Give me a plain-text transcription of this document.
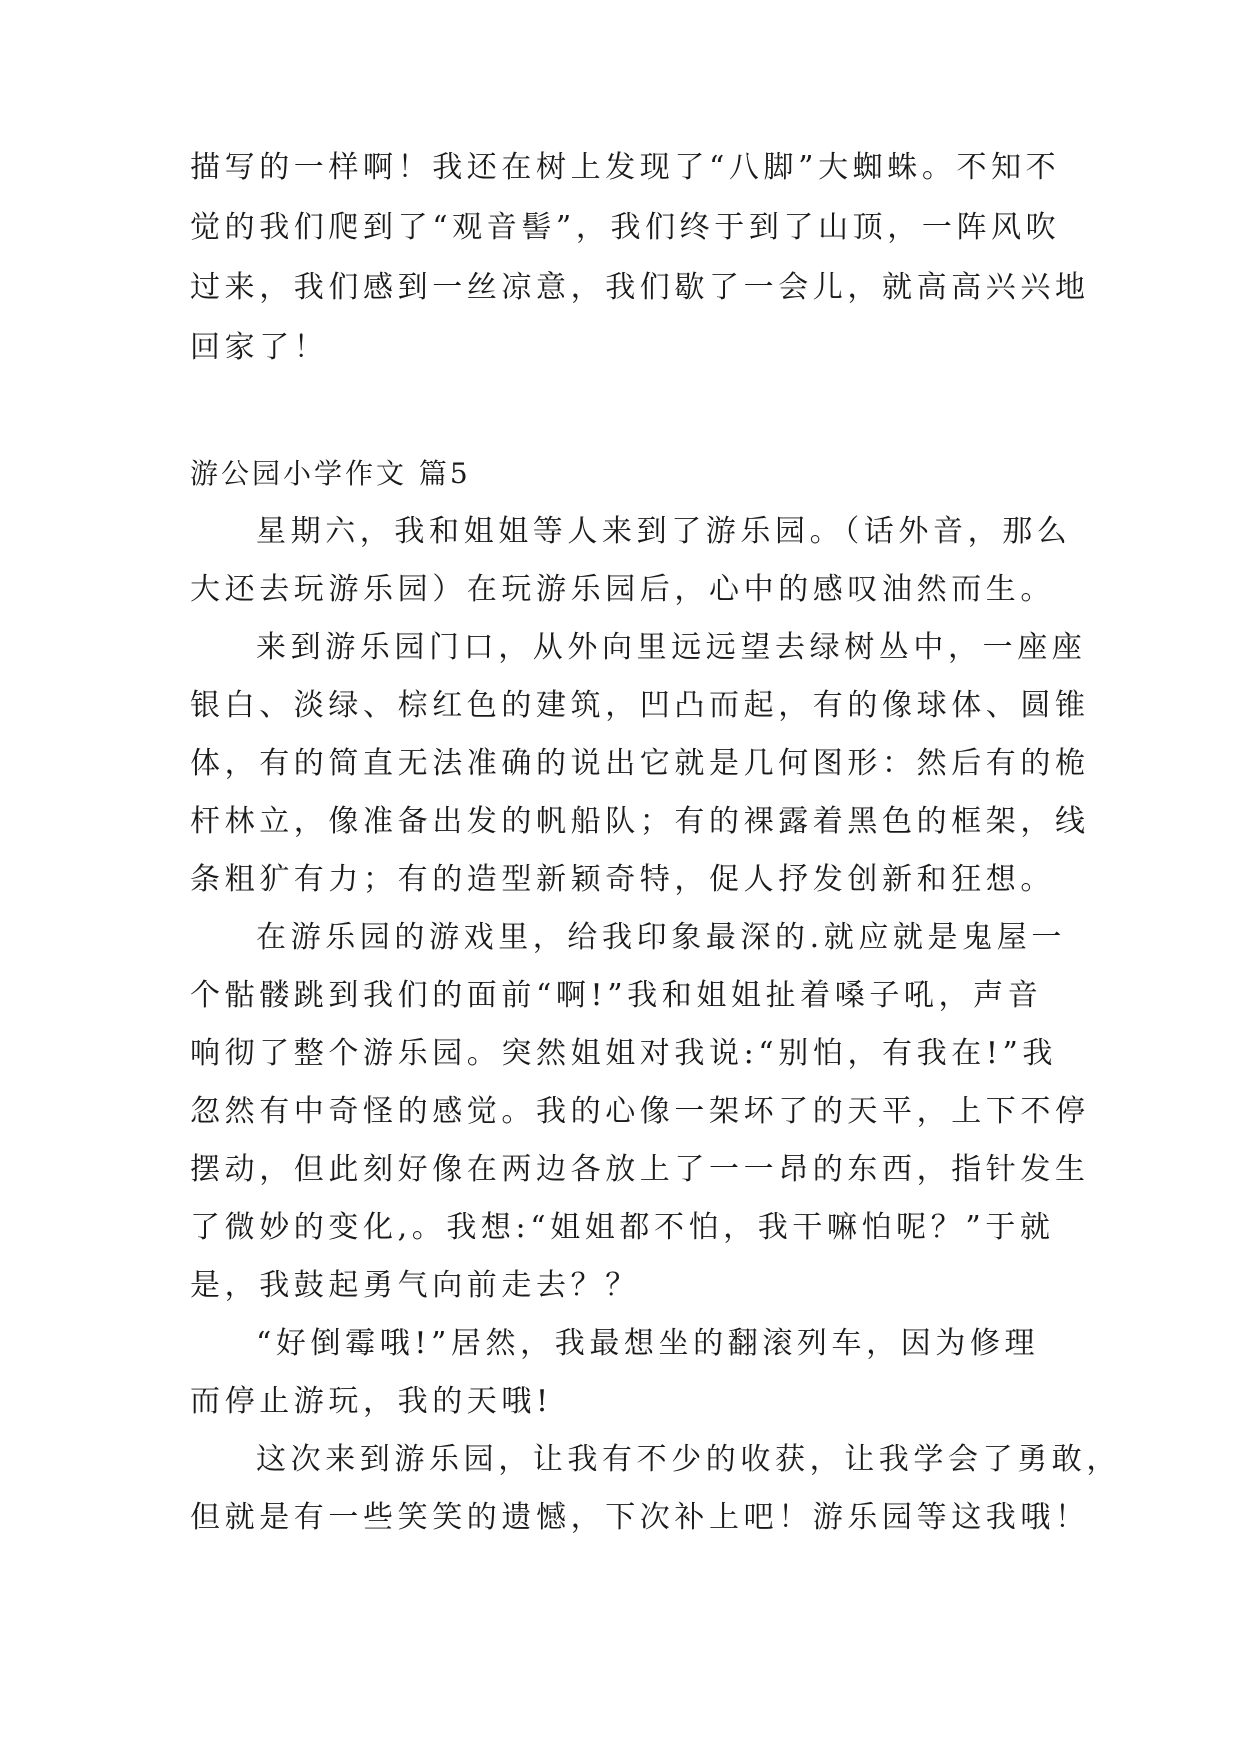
描写的一样啊！我还在树上发现了“八脚”大蜘蛛。不知不
觉的我们爬到了“观音髻”，我们终于到了山顶，一阵风吹
过来，我们感到一丝凉意，我们歇了一会儿，就高高兴兴地
回家了！
游公园小学作文 篇5
星期六，我和姐姐等人来到了游乐园。（话外音，那么
大还去玩游乐园）在玩游乐园后，心中的感叹油然而生。
来到游乐园门口，从外向里远远望去绿树丛中，一座座
银白、淡绿、棕红色的建筑，凹凸而起，有的像球体、圆锥
体，有的简直无法准确的说出它就是几何图形：然后有的桅
杆林立，像准备出发的帆船队；有的裸露着黑色的框架，线
条粗犷有力；有的造型新颖奇特，促人抒发创新和狂想。
在游乐园的游戏里，给我印象最深的.就应就是鬼屋一
个骷髅跳到我们的面前“啊!”我和姐姐扯着嗓子吼，声音
响彻了整个游乐园。突然姐姐对我说:“别怕，有我在!”我
忽然有中奇怪的感觉。我的心像一架坏了的天平，上下不停
摆动，但此刻好像在两边各放上了一一昂的东西，指针发生
了微妙的变化,。我想:“姐姐都不怕，我干嘛怕呢？”于就
是，我鼓起勇气向前走去？？
“好倒霉哦!”居然，我最想坐的翻滚列车，因为修理
而停止游玩，我的天哦!
这次来到游乐园，让我有不少的收获，让我学会了勇敢，
但就是有一些笑笑的遗憾，下次补上吧！游乐园等这我哦！
